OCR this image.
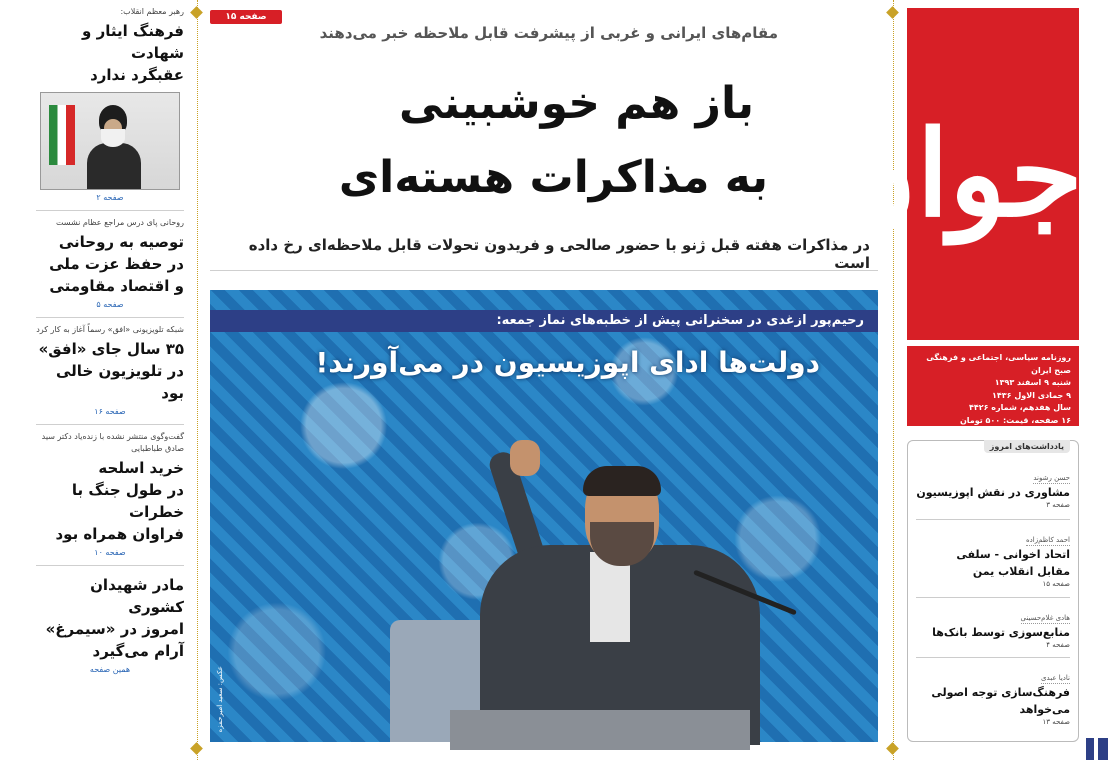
رهبر معظم انقلاب:
فرهنگ ایثار و شهادت
عقبگرد ندارد
صفحه ۲
روحانی پای درس مراجع عظام نشست
توصیه به روحانی
در حفظ عزت ملی
و اقتصاد مقاومتی
صفحه ۵
شبکه تلویزیونی «افق» رسماً آغاز به کار کرد
۳۵ سال جای «افق»
در تلویزیون خالی بود
صفحه ۱۶
گفت‌وگوی منتشر نشده با زنده‌یاد دکتر سید صادق طباطبایی
خرید اسلحه
در طول جنگ با خطرات
فراوان همراه بود
صفحه ۱۰
مادر شهیدان کشوری
امروز در «سیمرغ»
آرام می‌گیرد
همین صفحه
صفحه ۱۵
مقام‌های ایرانی و غربی از پیشرفت قابل ملاحظه خبر می‌دهند
باز هم خوشبینی
به مذاکرات هسته‌ای
در مذاکرات هفته قبل ژنو با حضور صالحی و فریدون تحولات قابل ملاحظه‌ای رخ داده است
رحیم‌پور ازغدی در سخنرانی پیش از خطبه‌های نماز جمعه:
دولت‌ها ادای اپوزیسیون در می‌آورند!
عکس: سعید امیرحمزه
جوان
روزنامه سیاسی، اجتماعی و فرهنگی صبح ایران
شنبه ۹ اسفند ۱۳۹۳
۹ جمادی الاول ۱۴۳۶
سال هفدهم، شماره ۴۴۲۶
۱۶ صفحه، قیمت: ۵۰۰ تومان
یادداشت‌های امروز
حسن رشوند
مشاوری در نقش اپوزیسیون
صفحه ۳
احمد کاظم‌زاده
اتحاد اخوانی - سلفی
مقابل انقلاب یمن
صفحه ۱۵
هادی غلام‌حسینی
منابع‌سوزی توسط بانک‌ها
صفحه ۴
نادیا عبدی
فرهنگ‌سازی توجه اصولی می‌خواهد
صفحه ۱۳
